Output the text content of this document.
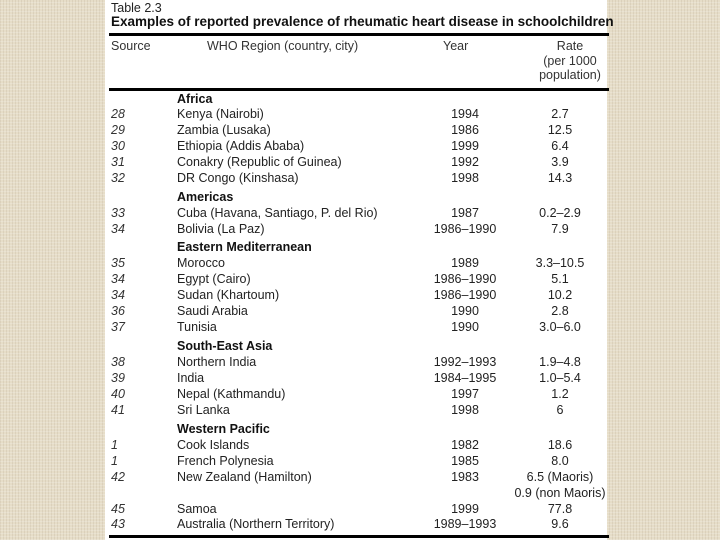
Table 2.3
Examples of reported prevalence of rheumatic heart disease in schoolchildren
Source	WHO Region (country, city)	Year	Rate
(per 1000
population)
Africa
28	Kenya (Nairobi)	1994	2.7
29	Zambia (Lusaka)	1986	12.5
30	Ethiopia (Addis Ababa)	1999	6.4
31	Conakry (Republic of Guinea)	1992	3.9
32	DR Congo (Kinshasa)	1998	14.3
Americas
33	Cuba (Havana, Santiago, P. del Rio)	1987	0.2–2.9
34	Bolivia (La Paz)	1986–1990	7.9
Eastern Mediterranean
35	Morocco	1989	3.3–10.5
34	Egypt (Cairo)	1986–1990	5.1
34	Sudan (Khartoum)	1986–1990	10.2
36	Saudi Arabia	1990	2.8
37	Tunisia	1990	3.0–6.0
South-East Asia
38	Northern India	1992–1993	1.9–4.8
39	India	1984–1995	1.0–5.4
40	Nepal (Kathmandu)	1997	1.2
41	Sri Lanka	1998	6
Western Pacific
1	Cook Islands	1982	18.6
1	French Polynesia	1985	8.0
42	New Zealand (Hamilton)	1983	6.5 (Maoris)
0.9 (non Maoris)
45	Samoa	1999	77.8
43	Australia (Northern Territory)	1989–1993	9.6
